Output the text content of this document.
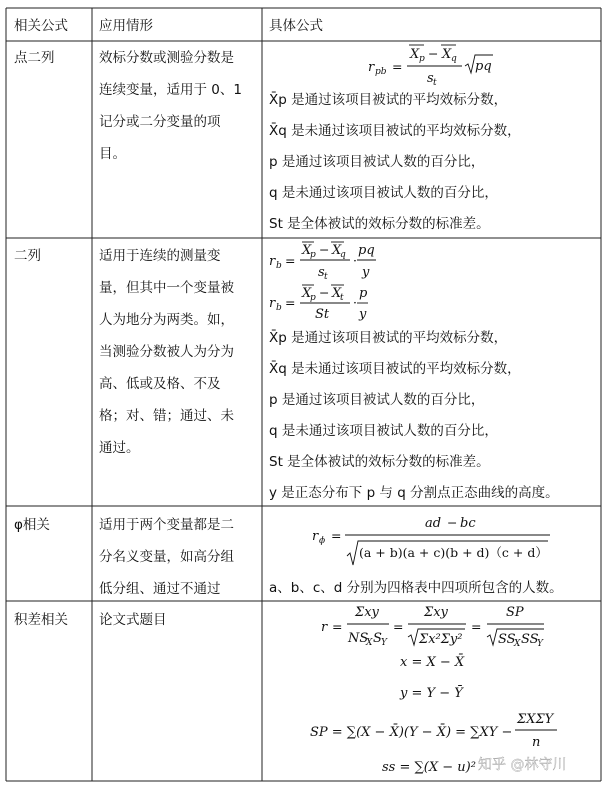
相关公式 应用情形	具体公式
点二列
二列
φ相关
积差相关
效标分数或测验分数是
连续变量，适用于 0、1
记分或二分变量的项
目。
适用于连续的测量变
量，但其中一个变量被
人为地分为两类。如，
当测验分数被人为分为
高、低或及格、不及
格；对、错；通过、未
通过。
适用于两个变量都是二
分名义变量，如高分组
低分组、通过不通过
论文式题目
r pb =
X p − X q
s t
pq
X̄p 是通过该项目被试的平均效标分数，
X̄q 是未通过该项目被试的平均效标分数，
p 是通过该项目被试人数的百分比，
q 是未通过该项目被试人数的百分比，
St 是全体被试的效标分数的标准差。
r b =
X
p − X
q
s t
·
pq
y
r b =
X
p − X
t
St
·
p
y
X̄p 是通过该项目被试的平均效标分数，
X̄q 是未通过该项目被试的平均效标分数，
p 是通过该项目被试人数的百分比，
q 是未通过该项目被试人数的百分比，
St 是全体被试的效标分数的标准差。
y 是正态分布下 p 与 q 分割点正态曲线的高度。
r ϕ =
ad − bc
(a + b)(a + c)(b + d)（c + d）
a、b、c、d 分别为四格表中四项所包含的人数。
r =
Σxy
NS
X S Y
=
Σxy
Σx²Σy²
=
SP
SS
X SS
Y
x = X − X̄
y = Y − Ȳ
SP = ∑(X − X̄)(Y − X̄) = ∑XY −
ΣXΣY
n
ss = ∑(X − u)² 知乎 @林守川
